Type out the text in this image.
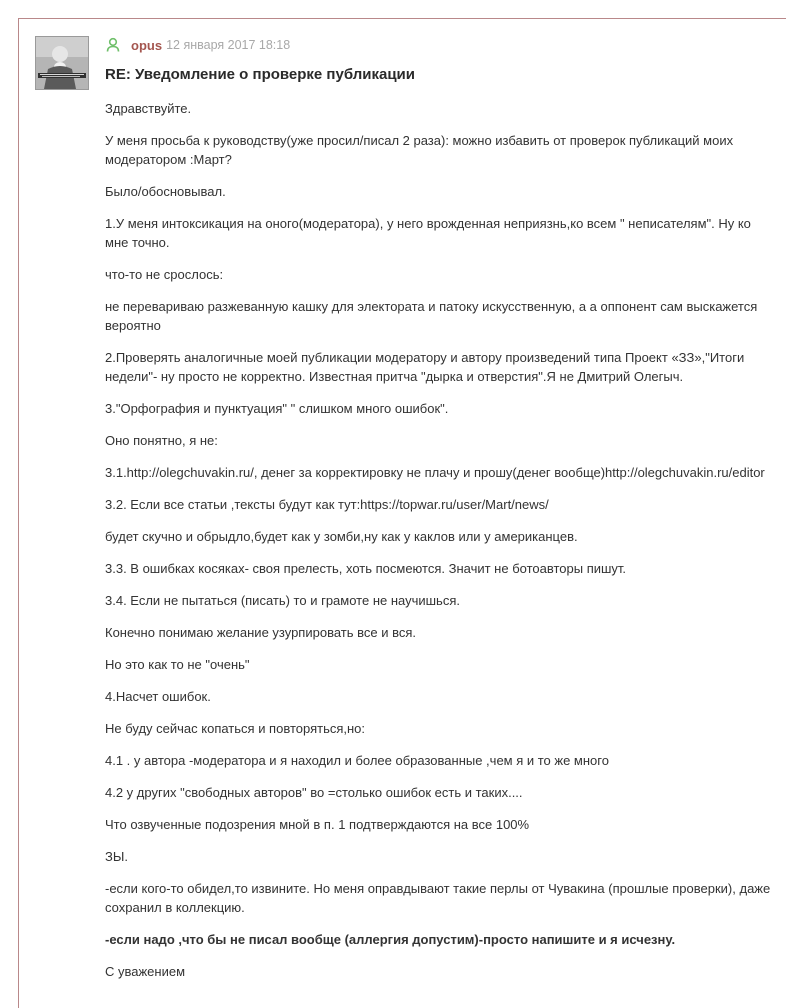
opus 12 января 2017 18:18
RE: Уведомление о проверке публикации

Здравствуйте.

У меня просьба к руководству(уже просил/писал 2 раза): можно избавить от проверок публикаций моих модератором :Март?

Было/обосновывал.

1.У меня интоксикация на оного(модератора), у него врожденная неприязнь,ко всем " неписателям". Ну ко мне точно.

что-то не срослось:

не перевариваю разжеванную кашку для электората и патоку искусственную, а а оппонент сам выскажется вероятно

2.Проверять аналогичные моей публикации модератору и автору произведений типа Проект «ЗЗ»,"Итоги недели"- ну просто не корректно. Известная притча "дырка и отверстия".Я не Дмитрий Олегыч.

3."Орфография и пунктуация" " слишком много ошибок".

Оно понятно, я не:

3.1.http://olegchuvakin.ru/, денег за корректировку не плачу и прошу(денег вообще)http://olegchuvakin.ru/editor

3.2. Если все статьи ,тексты будут как тут:https://topwar.ru/user/Mart/news/

будет скучно и обрыдло,будет как у зомби,ну как у каклов или у американцев.

3.3. В ошибках косяках- своя прелесть, хоть посмеются. Значит не ботоавторы пишут.

3.4. Если не пытаться (писать) то и грамоте не научишься.

Конечно понимаю желание узурпировать все и вся.

Но это как то не "очень"

4.Насчет ошибок.

Не буду сейчас копаться и повторяться,но:

4.1 . у автора -модератора и я находил и более образованные ,чем я и то же много

4.2 у других "свободных авторов" во =столько ошибок есть и таких....

Что озвученные подозрения мной в п. 1 подтверждаются на все 100%

ЗЫ.

-если кого-то обидел,то извините. Но меня оправдывают такие перлы от Чувакина (прошлые проверки), даже сохранил в коллекцию.

-если надо ,что бы не писал вообще (аллергия допустим)-просто напишите и я исчезну.

С уважением
